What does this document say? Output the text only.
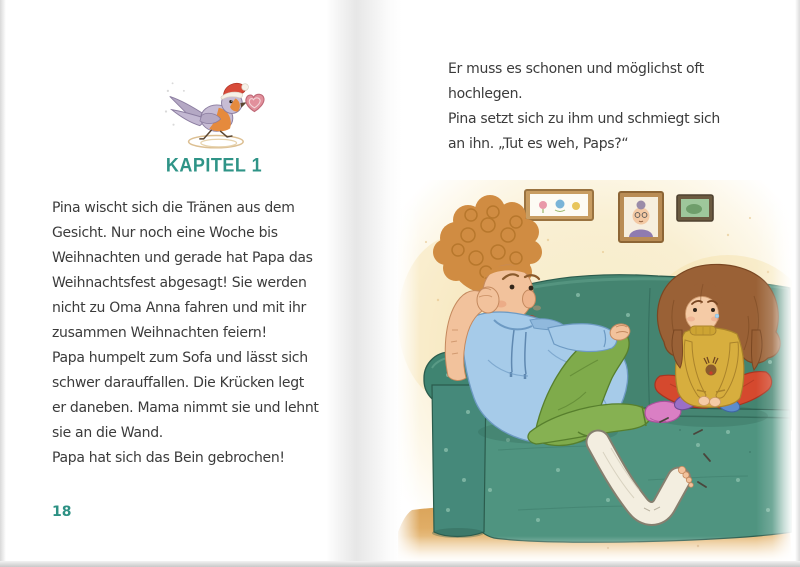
KAPITEL 1
Pina wischt sich die Tränen aus dem
Gesicht. Nur noch eine Woche bis
Weihnachten und gerade hat Papa das
Weihnachtsfest abgesagt! Sie werden
nicht zu Oma Anna fahren und mit ihr
zusammen Weihnachten feiern!
Papa humpelt zum Sofa und lässt sich
schwer darauffallen. Die Krücken legt
er daneben. Mama nimmt sie und lehnt
sie an die Wand.
Papa hat sich das Bein gebrochen!
18
Er muss es schonen und möglichst oft
hochlegen.
Pina setzt sich zu ihm und schmiegt sich
an ihn. „Tut es weh, Paps?“
